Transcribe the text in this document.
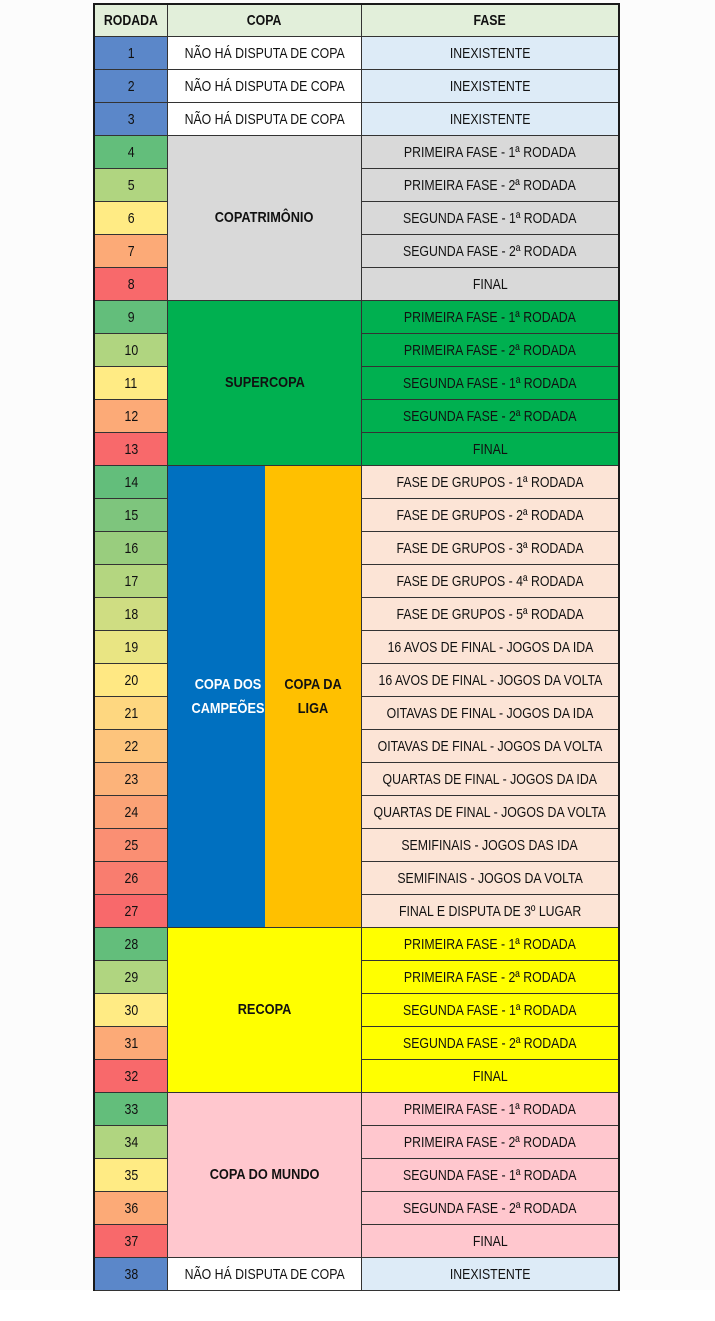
RODADA	COPA	FASE
1
2
3
4
5
6
7
8
9
10
11
12
13
14
15
16
17
18
19
20
21
22
23
24
25
26
27
28
29
30
31
32
33
34
35
36
37
38
INEXISTENTE
INEXISTENTE
INEXISTENTE
PRIMEIRA FASE - 1ª RODADA
PRIMEIRA FASE - 2ª RODADA
SEGUNDA FASE - 1ª RODADA
SEGUNDA FASE - 2ª RODADA
FINAL
PRIMEIRA FASE - 1ª RODADA
PRIMEIRA FASE - 2ª RODADA
SEGUNDA FASE - 1ª RODADA
SEGUNDA FASE - 2ª RODADA
FINAL
FASE DE GRUPOS - 1ª RODADA
FASE DE GRUPOS - 2ª RODADA
FASE DE GRUPOS - 3ª RODADA
FASE DE GRUPOS - 4ª RODADA
FASE DE GRUPOS - 5ª RODADA
16 AVOS DE FINAL - JOGOS DA IDA
16 AVOS DE FINAL - JOGOS DA VOLTA
OITAVAS DE FINAL - JOGOS DA IDA
OITAVAS DE FINAL - JOGOS DA VOLTA
QUARTAS DE FINAL - JOGOS DA IDA
QUARTAS DE FINAL - JOGOS DA VOLTA
SEMIFINAIS - JOGOS DAS IDA
SEMIFINAIS - JOGOS DA VOLTA
FINAL E DISPUTA DE 3º LUGAR
PRIMEIRA FASE - 1ª RODADA
PRIMEIRA FASE - 2ª RODADA
SEGUNDA FASE - 1ª RODADA
SEGUNDA FASE - 2ª RODADA
FINAL
PRIMEIRA FASE - 1ª RODADA
PRIMEIRA FASE - 2ª RODADA
SEGUNDA FASE - 1ª RODADA
SEGUNDA FASE - 2ª RODADA
FINAL
INEXISTENTE
NÃO HÁ DISPUTA DE COPA
NÃO HÁ DISPUTA DE COPA
NÃO HÁ DISPUTA DE COPA
COPATRIMÔNIO
SUPERCOPA
COPA DOS CAMPEÕES
COPA DA LIGA
RECOPA
COPA DO MUNDO
NÃO HÁ DISPUTA DE COPA
